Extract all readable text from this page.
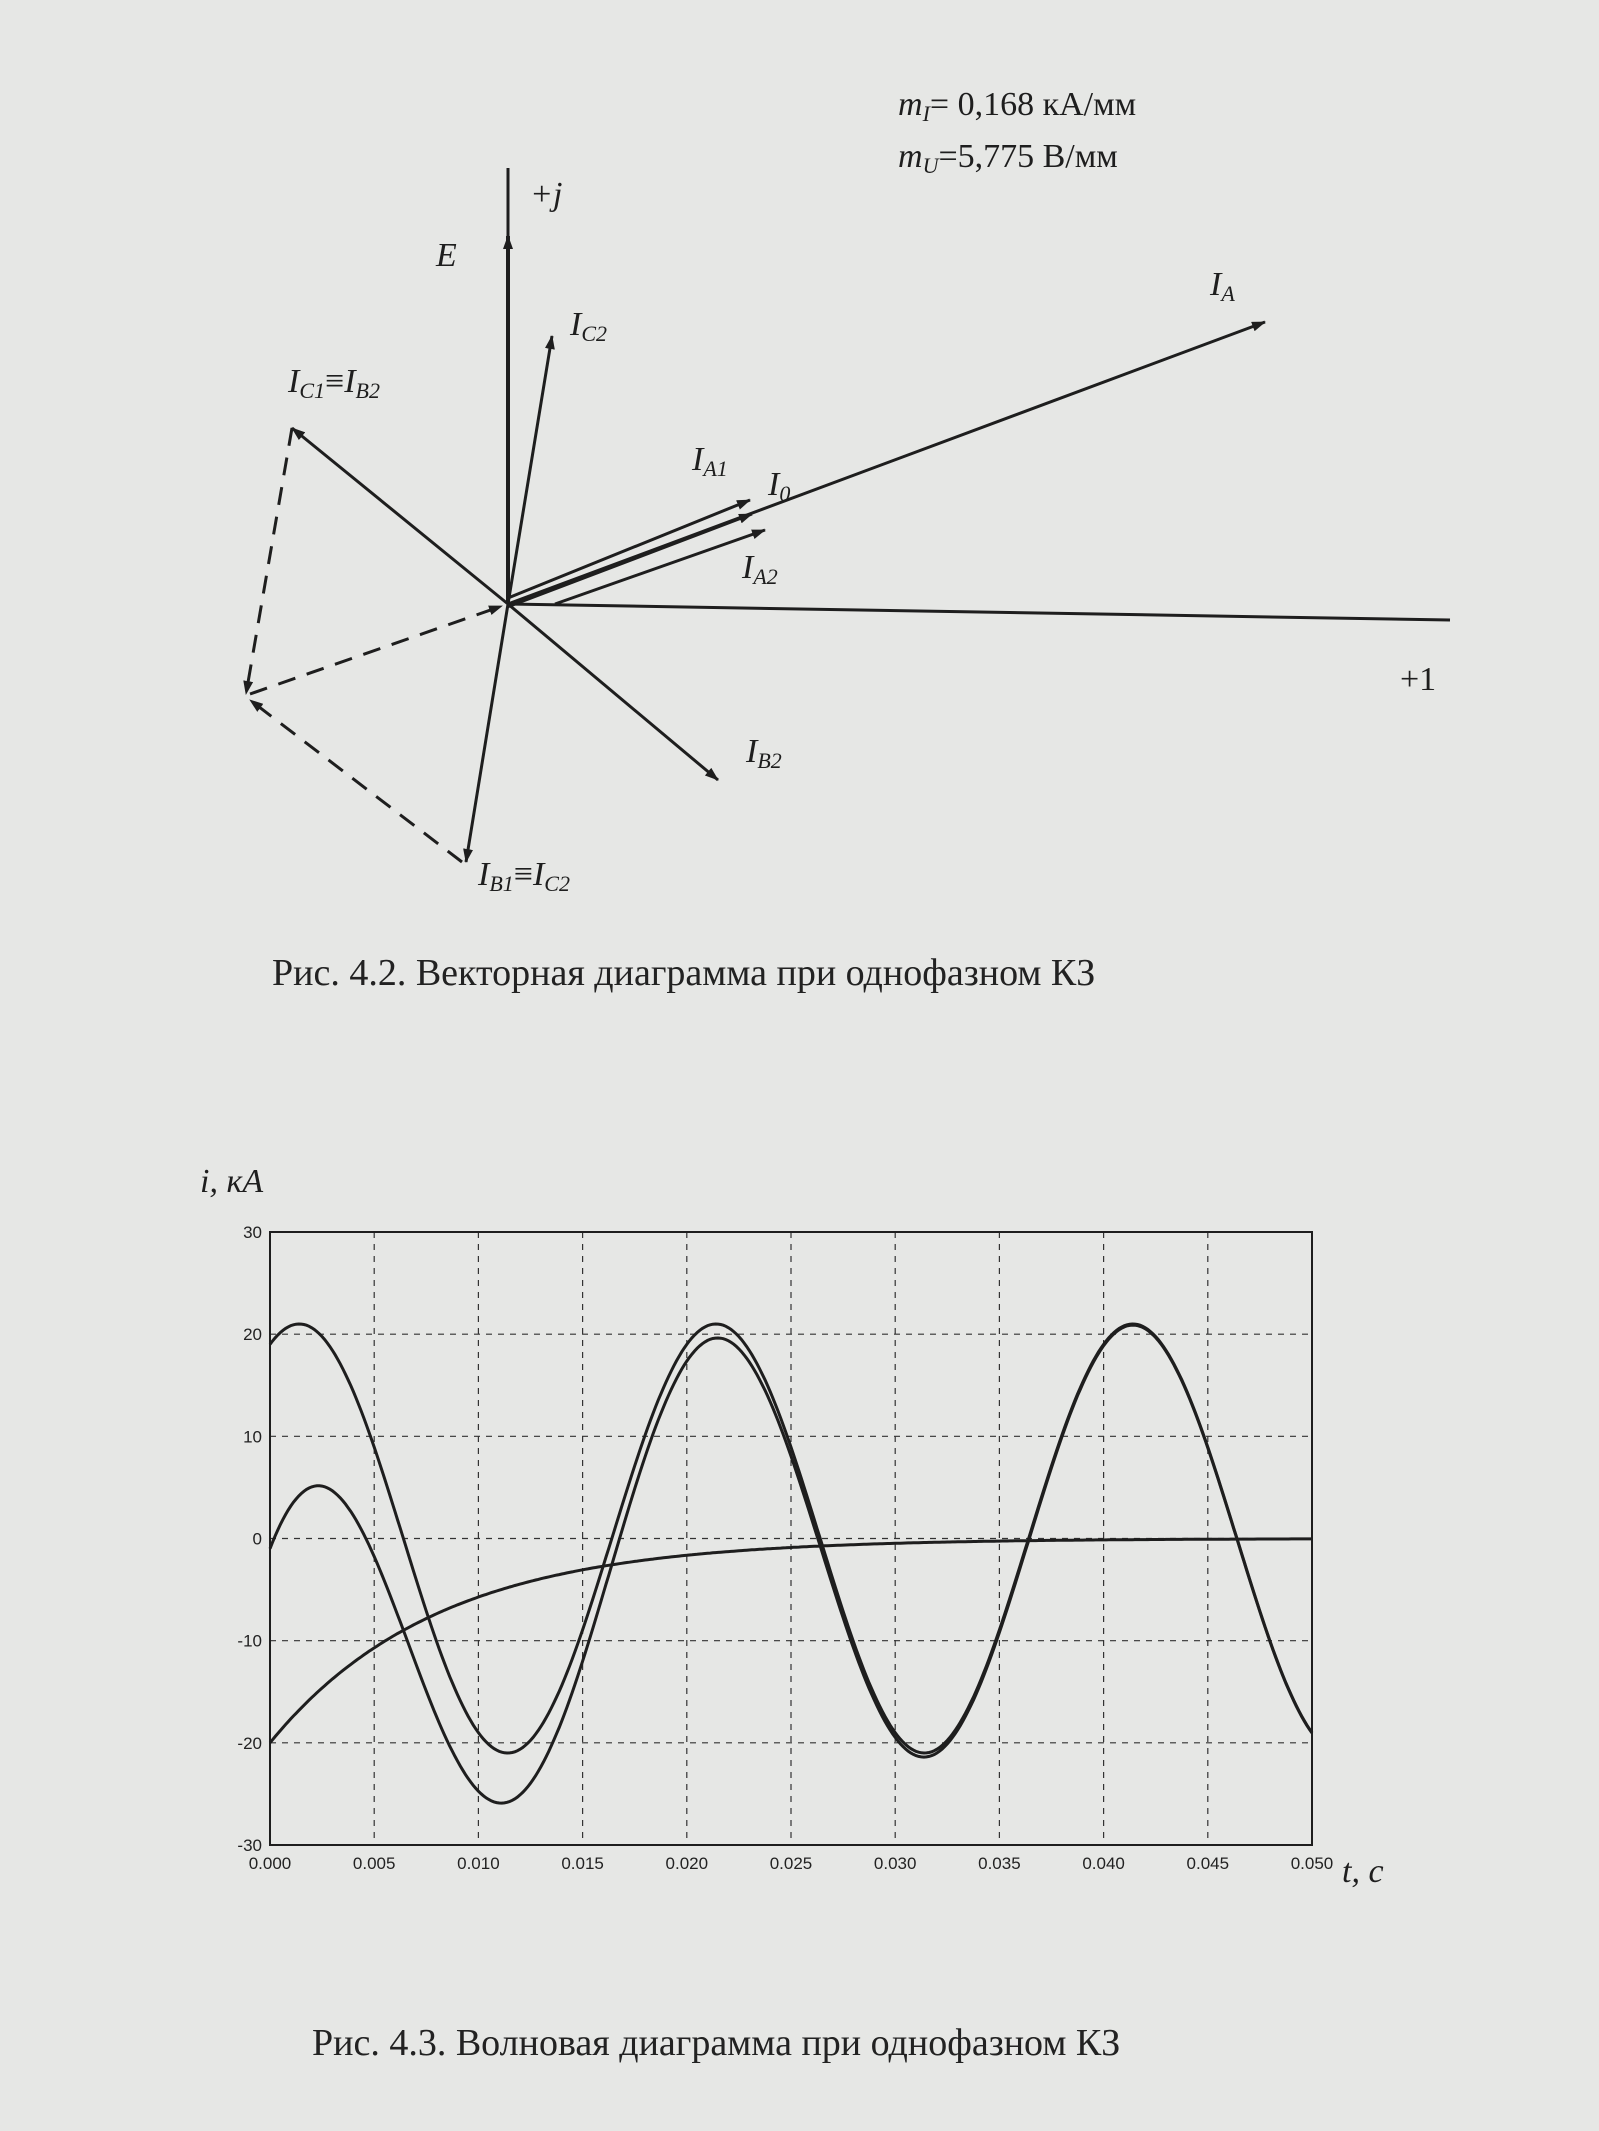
mI= 0,168 кА/мм
mU=5,775 В/мм
+j
+1
E
IC2
IA
IA1 I0
IA2
IC1≡IB2
IB2
IB1≡IC2
Рис. 4.2. Векторная диаграмма при однофазном КЗ
i, кА
t, с
30
20
10
0
-10
-20
-30
0.000	0.005	0.010	0.015	0.020	0.025	0.030	0.035	0.040	0.045	0.050
Рис. 4.3. Волновая диаграмма при однофазном КЗ
